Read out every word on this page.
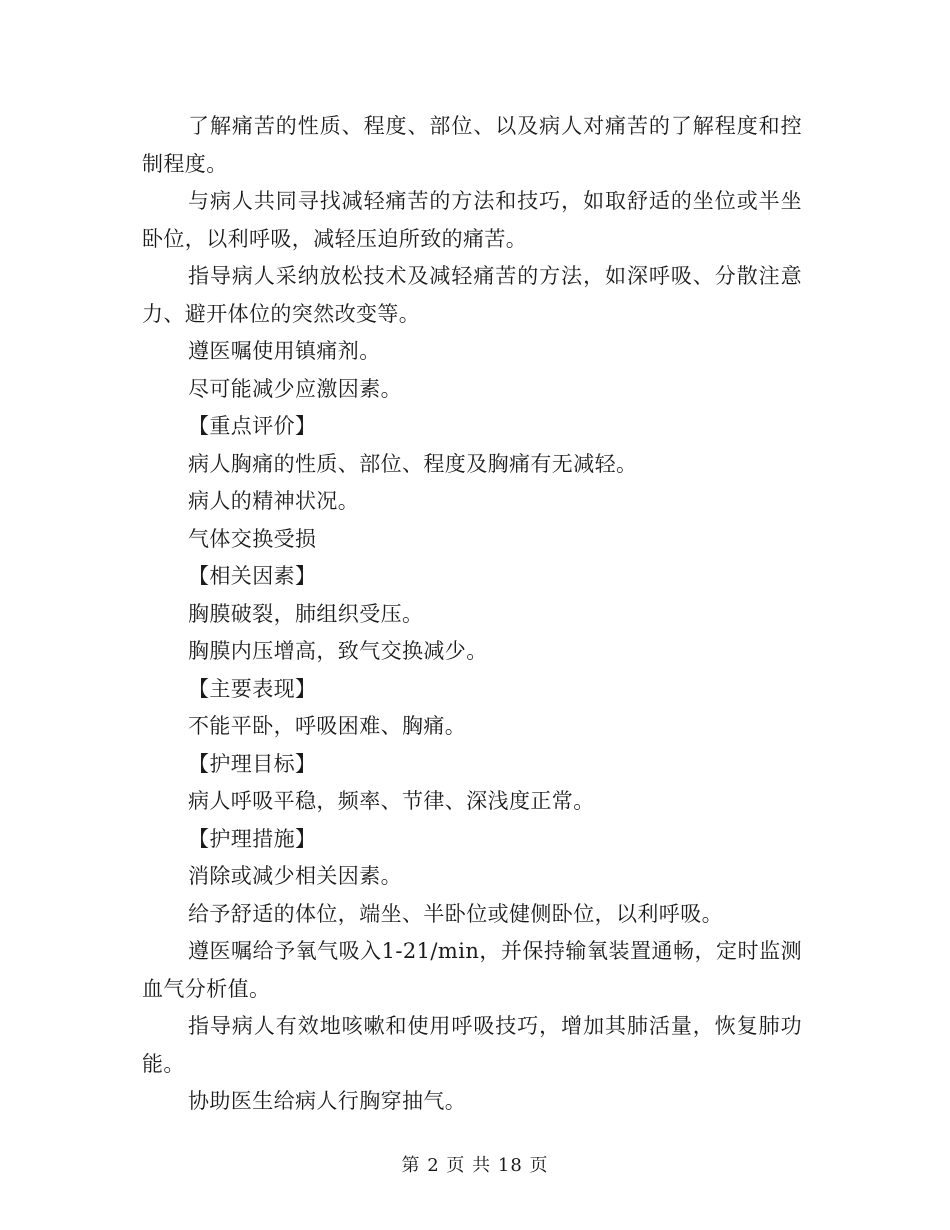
了解痛苦的性质、程度、部位、以及病人对痛苦的了解程度和控制程度。

与病人共同寻找减轻痛苦的方法和技巧，如取舒适的坐位或半坐卧位，以利呼吸，减轻压迫所致的痛苦。

指导病人采纳放松技术及减轻痛苦的方法，如深呼吸、分散注意力、避开体位的突然改变等。

遵医嘱使用镇痛剂。

尽可能减少应激因素。

【重点评价】

病人胸痛的性质、部位、程度及胸痛有无减轻。

病人的精神状况。

气体交换受损

【相关因素】

胸膜破裂，肺组织受压。

胸膜内压增高，致气交换减少。

【主要表现】

不能平卧，呼吸困难、胸痛。

【护理目标】

病人呼吸平稳，频率、节律、深浅度正常。

【护理措施】

消除或减少相关因素。

给予舒适的体位，端坐、半卧位或健侧卧位，以利呼吸。

遵医嘱给予氧气吸入1-21/min，并保持输氧装置通畅，定时监测血气分析值。

指导病人有效地咳嗽和使用呼吸技巧，增加其肺活量，恢复肺功能。

协助医生给病人行胸穿抽气。

第 2 页 共 18 页
